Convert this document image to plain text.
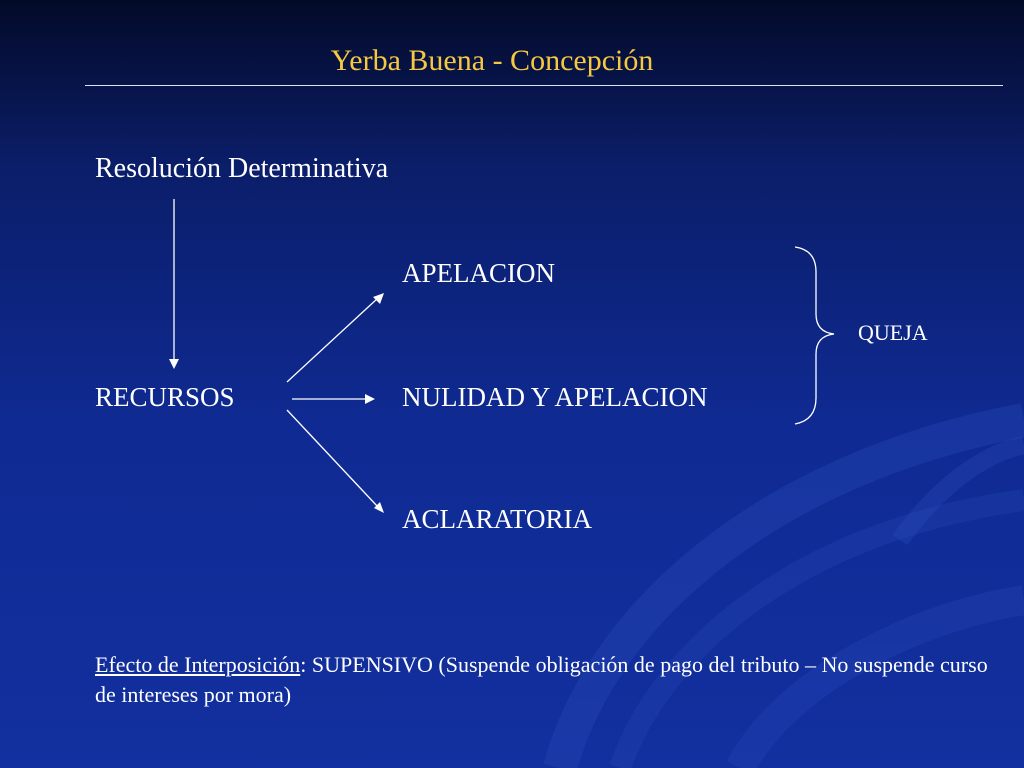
Yerba Buena - Concepción
Resolución Determinativa
RECURSOS
APELACION
NULIDAD Y APELACION
ACLARATORIA
QUEJA
Efecto de Interposición: SUPENSIVO (Suspende obligación de pago del tributo – No suspende curso de intereses por mora)
